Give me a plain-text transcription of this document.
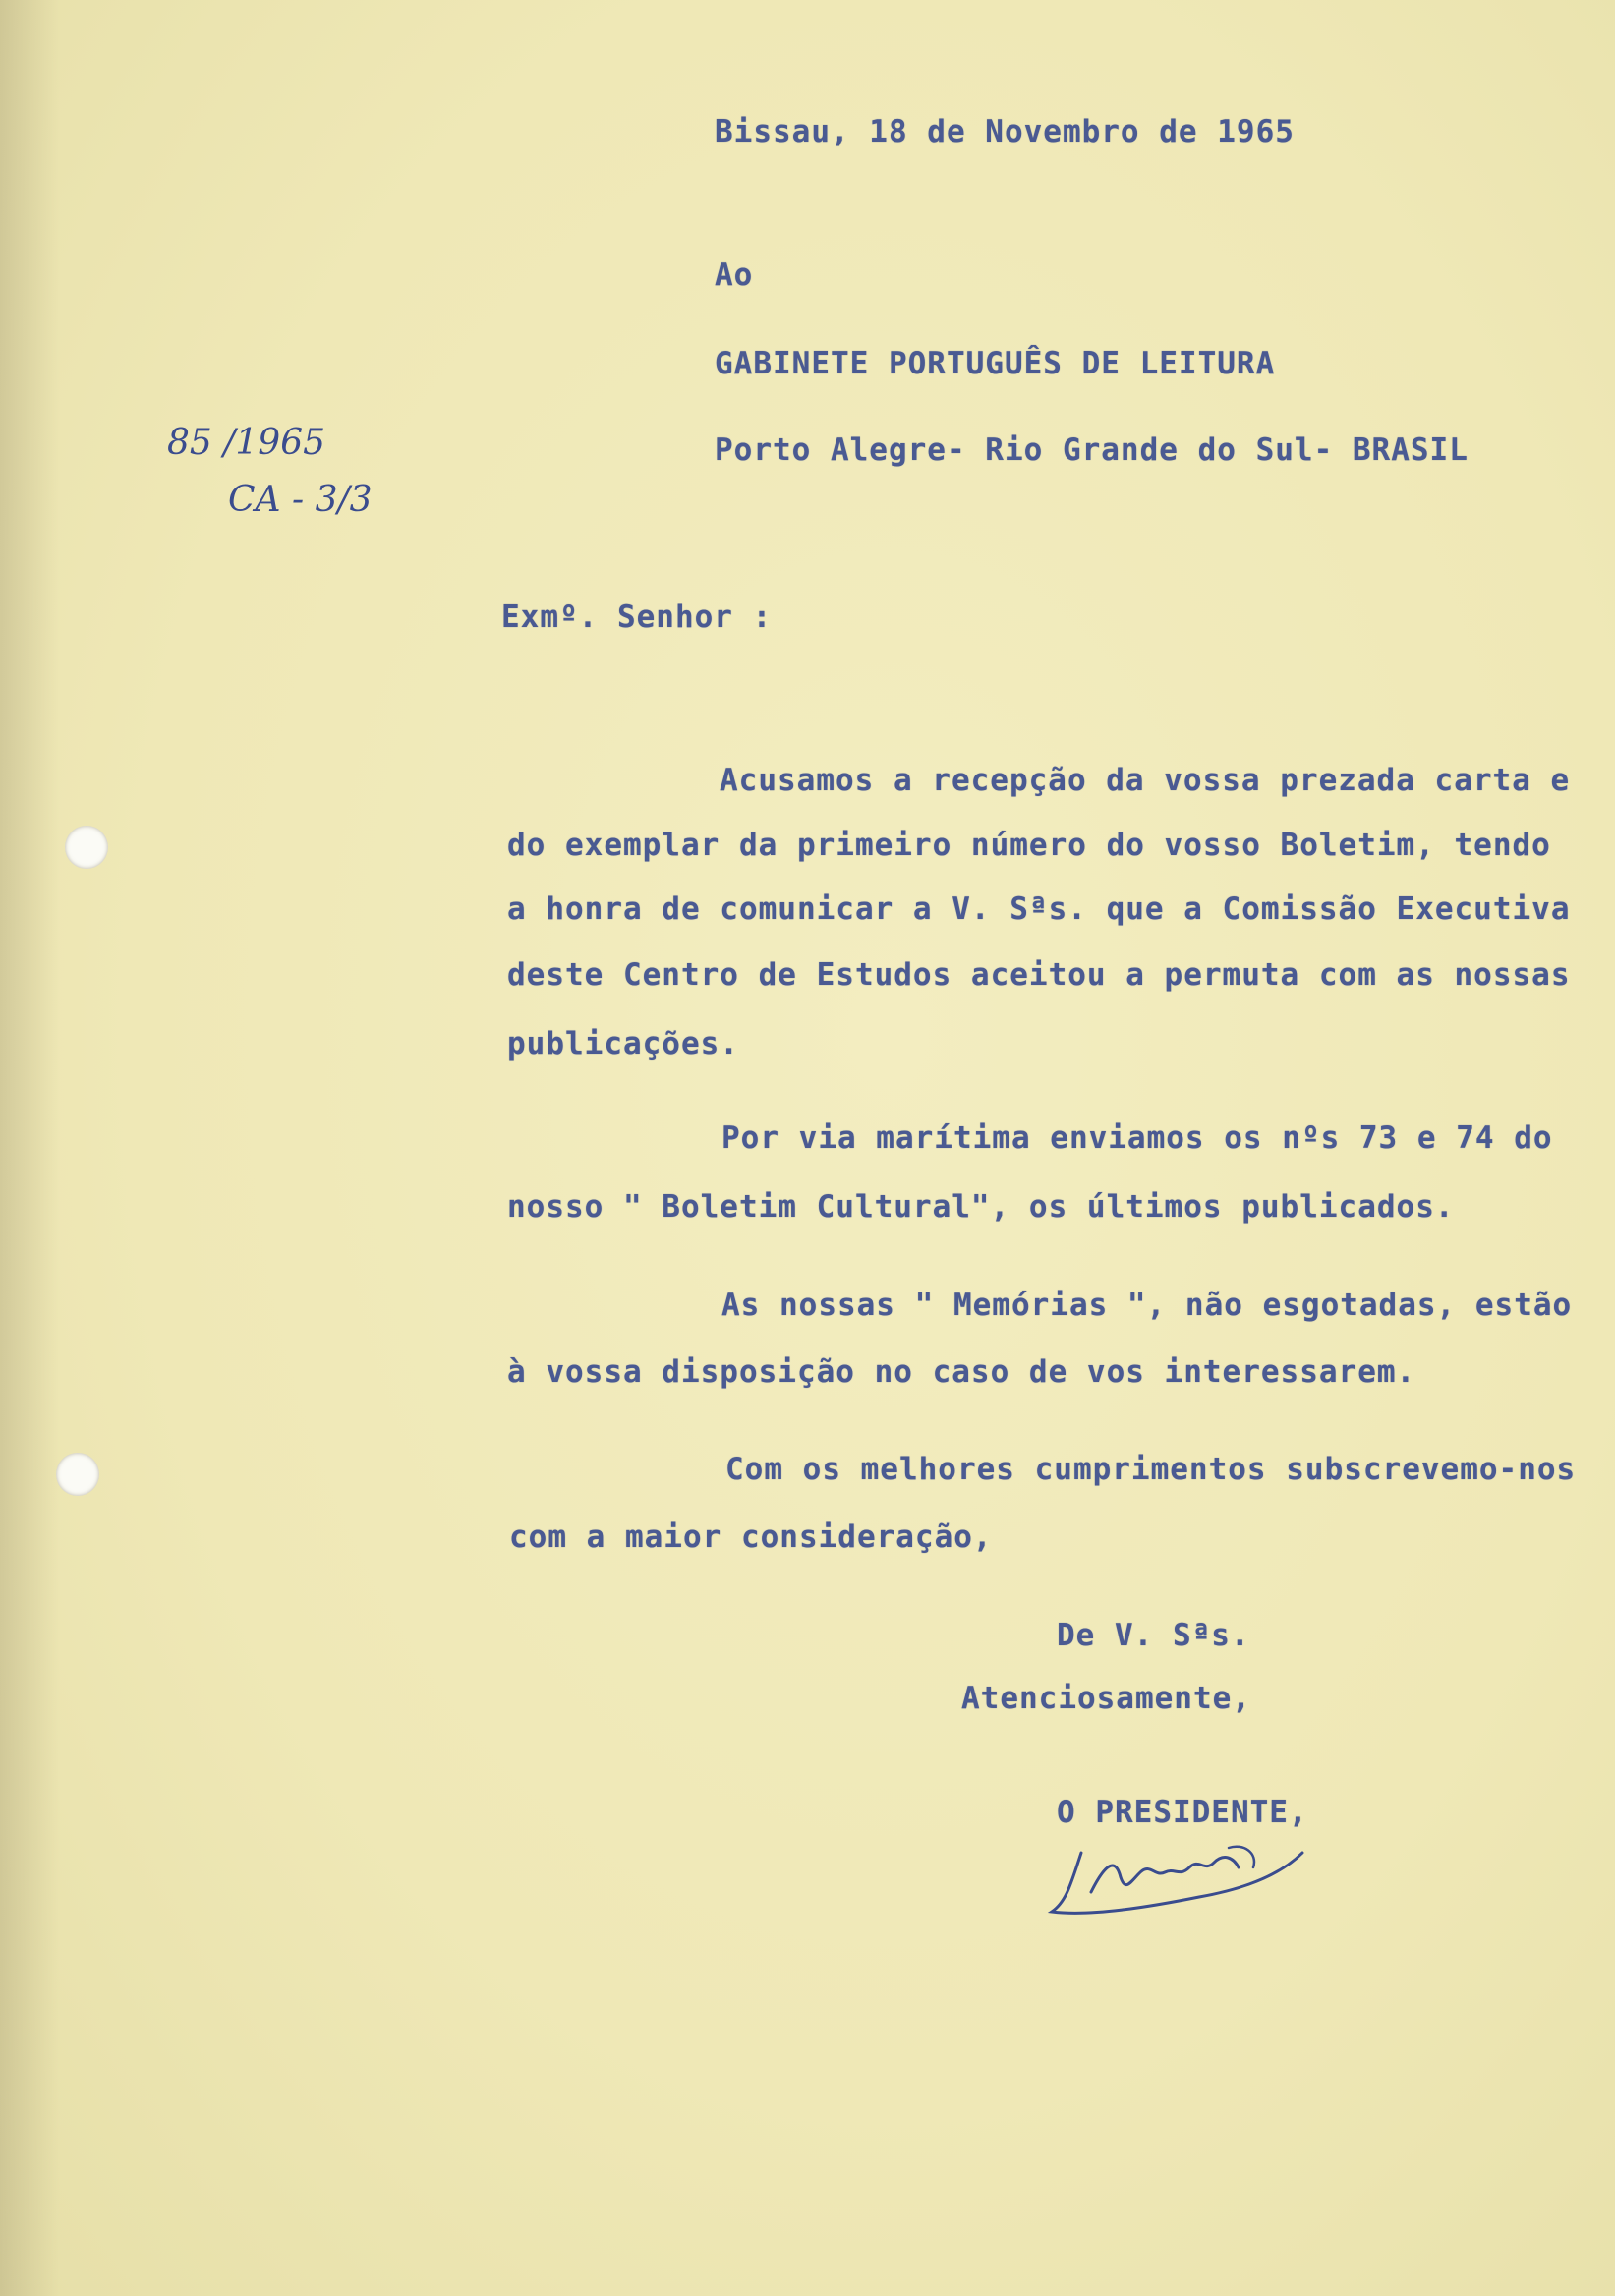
85 /1965
CA - 3/3
Bissau, 18 de Novembro de 1965
Ao
GABINETE PORTUGUÊS DE LEITURA
Porto Alegre- Rio Grande do Sul- BRASIL
Exmº. Senhor :
Acusamos a recepção da vossa prezada carta e
do exemplar da primeiro número do vosso Boletim, tendo
a honra de comunicar a V. Sªs. que a Comissão Executiva
deste Centro de Estudos aceitou a permuta com as nossas
publicações.
Por via marítima enviamos os nºs 73 e 74 do
nosso " Boletim Cultural", os últimos publicados.
As nossas " Memórias ", não esgotadas, estão
à vossa disposição no caso de vos interessarem.
Com os melhores cumprimentos subscrevemo-nos
com a maior consideração,
De V. Sªs.
Atenciosamente,
O PRESIDENTE,
